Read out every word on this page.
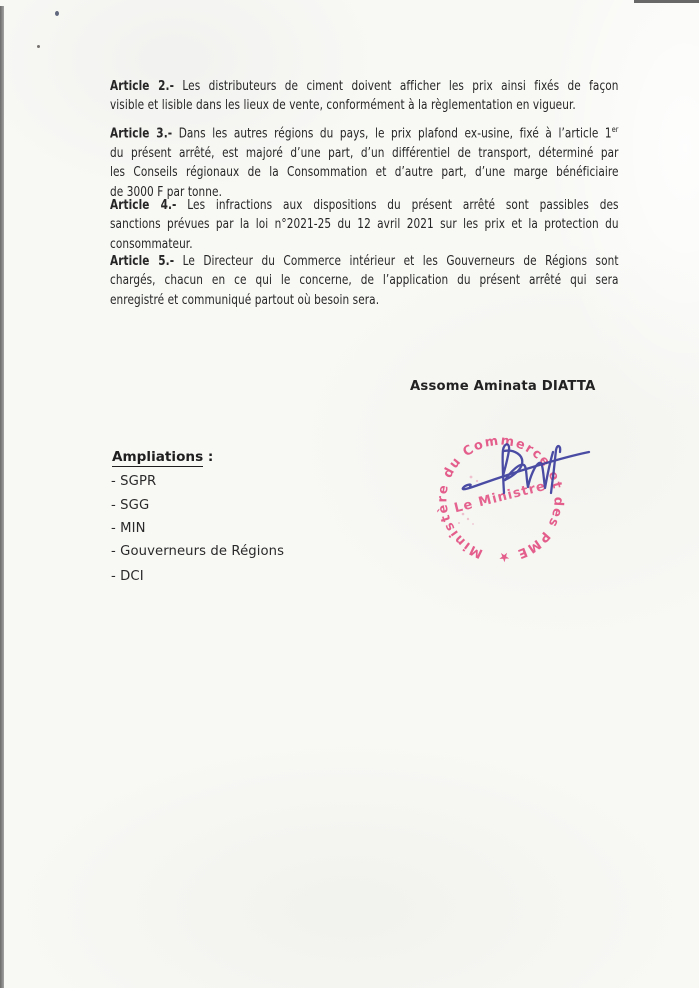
Article 2.- Les distributeurs de ciment doivent afficher les prix ainsi fixés de façon
visible et lisible dans les lieux de vente, conformément à la règlementation en vigueur.
Article 3.- Dans les autres régions du pays, le prix plafond ex-usine, fixé à l’article 1er
du présent arrêté, est majoré d’une part, d’un différentiel de transport, déterminé par
les Conseils régionaux de la Consommation et d’autre part, d’une marge bénéficiaire
de 3000 F par tonne.
Article 4.- Les infractions aux dispositions du présent arrêté sont passibles des
sanctions prévues par la loi n°2021-25 du 12 avril 2021 sur les prix et la protection du
consommateur.
Article 5.- Le Directeur du Commerce intérieur et les Gouverneurs de Régions sont
chargés, chacun en ce qui le concerne, de l’application du présent arrêté qui sera
enregistré et communiqué partout où besoin sera.
Assome Aminata DIATTA
Ampliations :
- SGPR
- SGG
- MIN
- Gouverneurs de Régions
- DCI
Ministère du Commerce et des PME ★
Le Ministre
